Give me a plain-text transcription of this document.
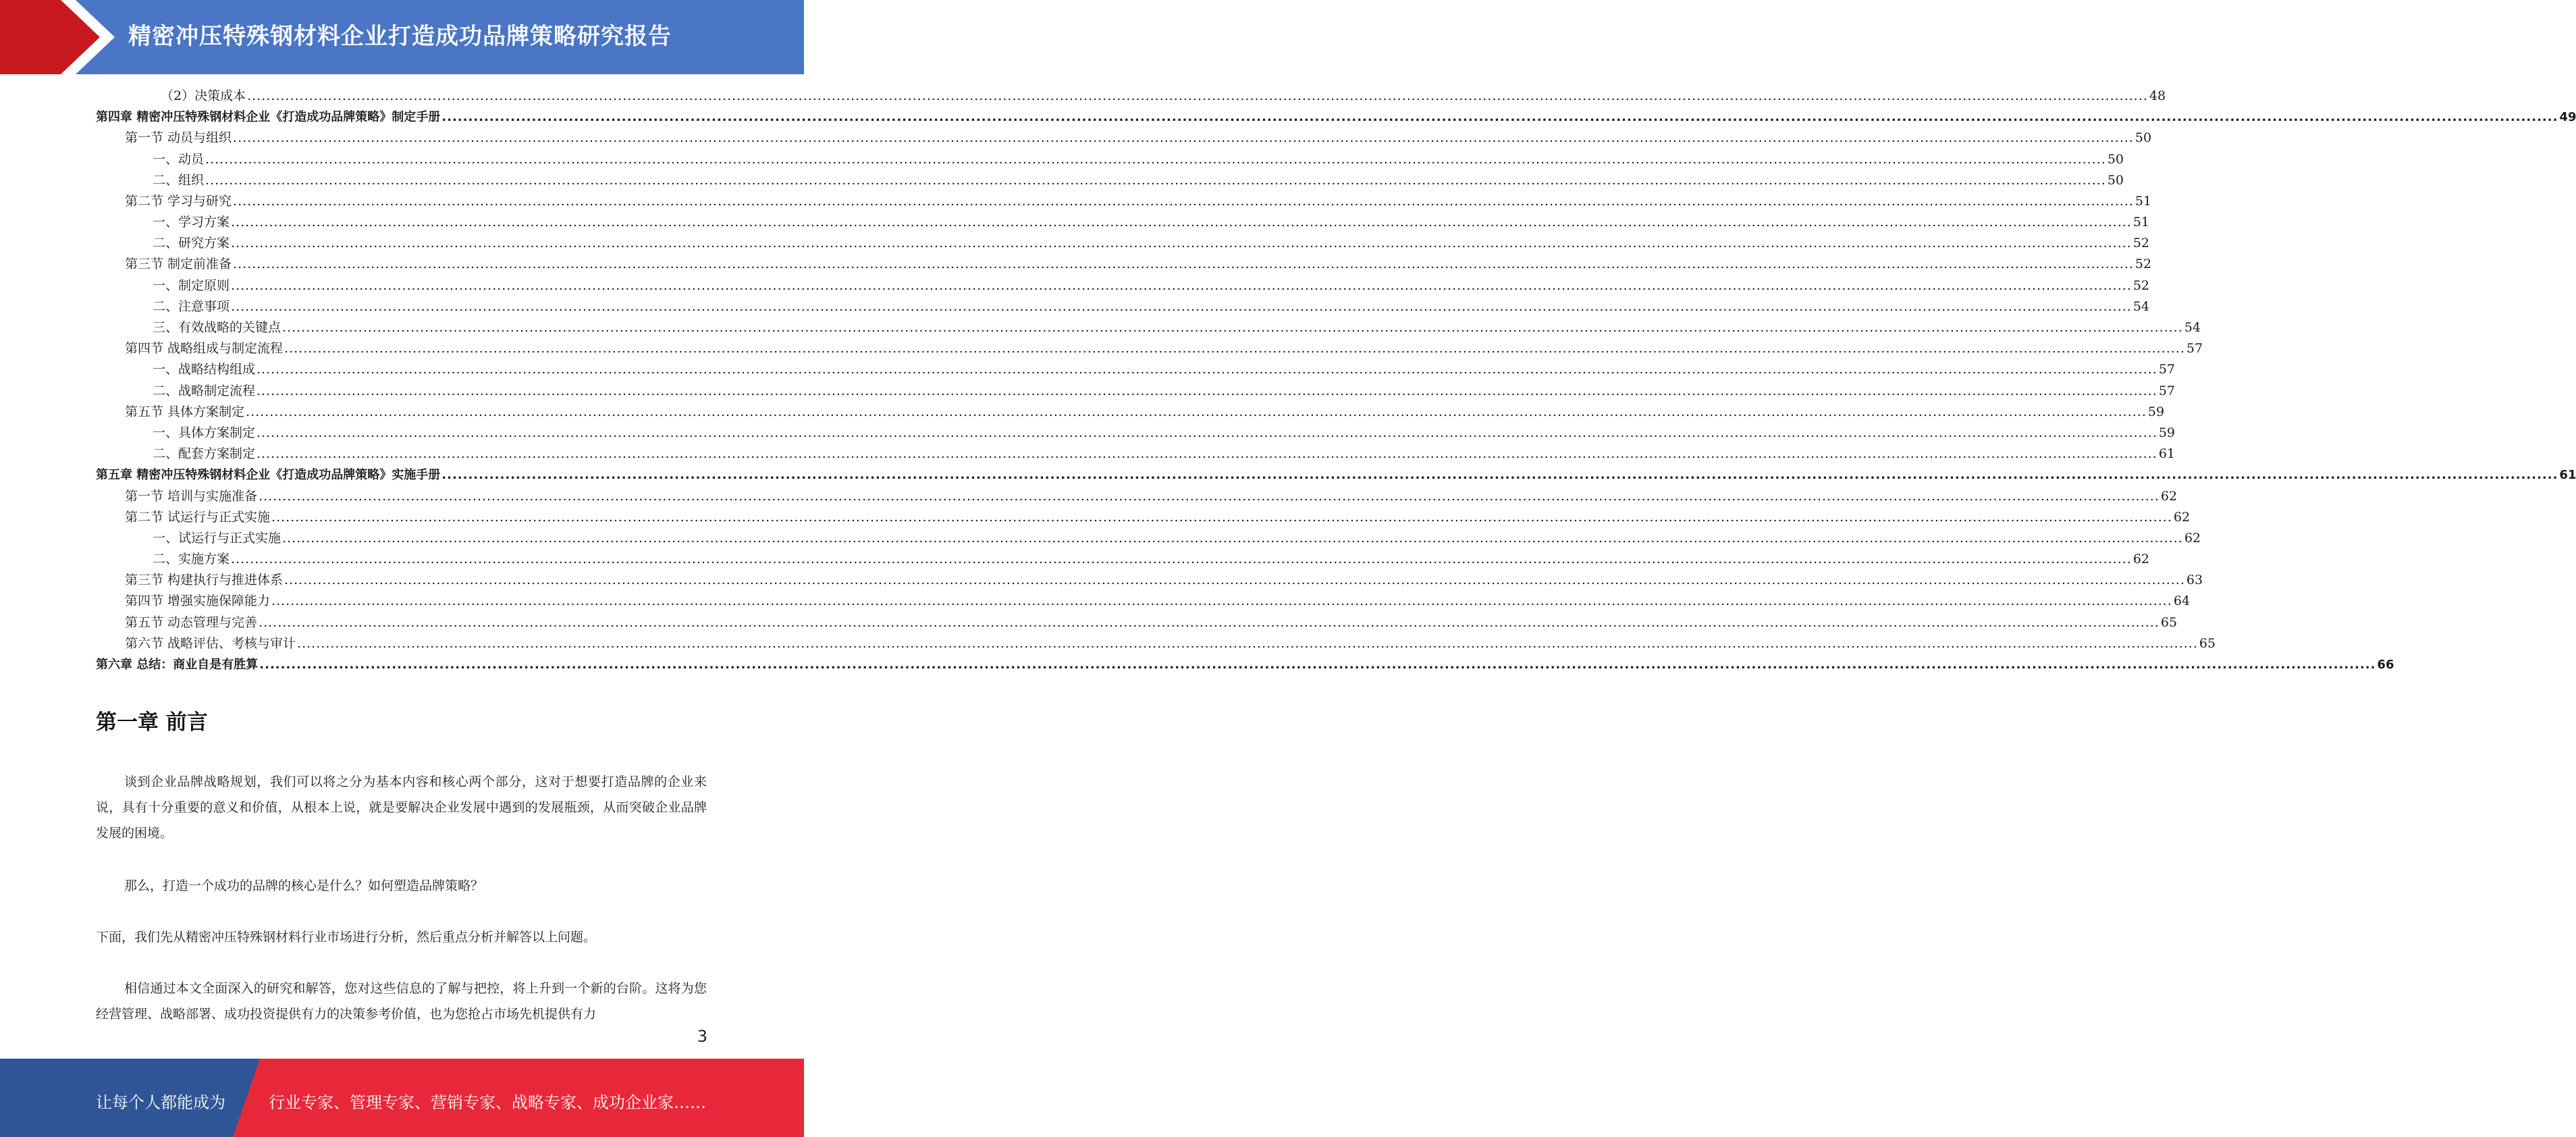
精密冲压特殊钢材料企业打造成功品牌策略研究报告
（2）决策成本 ................................................................................................................................................................................................................................................................................................................................................................................................................ 48
第四章 精密冲压特殊钢材料企业《打造成功品牌策略》制定手册 ................................................................................................................................................................................................................................................................................................................................................................................................................ 49
第一节 动员与组织 ................................................................................................................................................................................................................................................................................................................................................................................................................ 50
一、动员 ................................................................................................................................................................................................................................................................................................................................................................................................................ 50
二、组织 ................................................................................................................................................................................................................................................................................................................................................................................................................ 50
第二节 学习与研究 ................................................................................................................................................................................................................................................................................................................................................................................................................ 51
一、学习方案 ................................................................................................................................................................................................................................................................................................................................................................................................................ 51
二、研究方案 ................................................................................................................................................................................................................................................................................................................................................................................................................ 52
第三节 制定前准备 ................................................................................................................................................................................................................................................................................................................................................................................................................ 52
一、制定原则 ................................................................................................................................................................................................................................................................................................................................................................................................................ 52
二、注意事项 ................................................................................................................................................................................................................................................................................................................................................................................................................ 54
三、有效战略的关键点 ................................................................................................................................................................................................................................................................................................................................................................................................................ 54
第四节 战略组成与制定流程 ................................................................................................................................................................................................................................................................................................................................................................................................................ 57
一、战略结构组成 ................................................................................................................................................................................................................................................................................................................................................................................................................ 57
二、战略制定流程 ................................................................................................................................................................................................................................................................................................................................................................................................................ 57
第五节 具体方案制定 ................................................................................................................................................................................................................................................................................................................................................................................................................ 59
一、具体方案制定 ................................................................................................................................................................................................................................................................................................................................................................................................................ 59
二、配套方案制定 ................................................................................................................................................................................................................................................................................................................................................................................................................ 61
第五章 精密冲压特殊钢材料企业《打造成功品牌策略》实施手册 ................................................................................................................................................................................................................................................................................................................................................................................................................ 61
第一节 培训与实施准备 ................................................................................................................................................................................................................................................................................................................................................................................................................ 62
第二节 试运行与正式实施 ................................................................................................................................................................................................................................................................................................................................................................................................................ 62
一、试运行与正式实施 ................................................................................................................................................................................................................................................................................................................................................................................................................ 62
二、实施方案 ................................................................................................................................................................................................................................................................................................................................................................................................................ 62
第三节 构建执行与推进体系 ................................................................................................................................................................................................................................................................................................................................................................................................................ 63
第四节 增强实施保障能力 ................................................................................................................................................................................................................................................................................................................................................................................................................ 64
第五节 动态管理与完善 ................................................................................................................................................................................................................................................................................................................................................................................................................ 65
第六节 战略评估、考核与审计 ................................................................................................................................................................................................................................................................................................................................................................................................................ 65
第六章 总结：商业自是有胜算 ................................................................................................................................................................................................................................................................................................................................................................................................................ 66
第一章 前言
谈到企业品牌战略规划，我们可以将之分为基本内容和核心两个部分，这对于想要打造品牌的企业来说，具有十分重要的意义和价值，从根本上说，就是要解决企业发展中遇到的发展瓶颈，从而突破企业品牌发展的困境。
那么，打造一个成功的品牌的核心是什么？如何塑造品牌策略？
下面，我们先从精密冲压特殊钢材料行业市场进行分析，然后重点分析并解答以上问题。
相信通过本文全面深入的研究和解答，您对这些信息的了解与把控，将上升到一个新的台阶。这将为您经营管理、战略部署、成功投资提供有力的决策参考价值，也为您抢占市场先机提供有力
3
让每个人都能成为	行业专家、管理专家、营销专家、战略专家、成功企业家……
